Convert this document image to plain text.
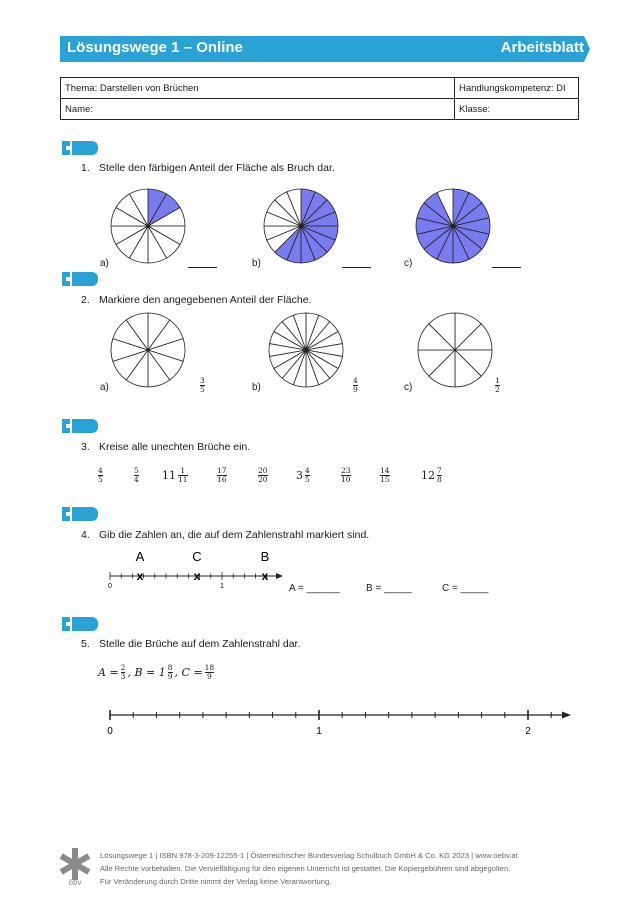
Lösungswege 1 – Online	Arbeitsblatt
Thema: Darstellen von Brüchen	Handlungskompetenz: DI
Name:	Klasse:
1. Stelle den färbigen Anteil der Fläche als Bruch dar.
a)	b)	c)
2. Markiere den angegebenen Anteil der Fläche.
a)
3
5	b)
4
9	c)
1
2
3. Kreise alle unechten Brüche ein.
$\frac{4}{5}$	$\frac{5}{4} 11 \frac{1}{11}$	$\frac{17}{16}$	$\frac{20}{20}$	$3 \frac{4}{5}$	$\frac{23}{10}$	$\frac{14}{15}$	$12 \frac{7}{8}$
4. Gib die Zahlen an, die auf dem Zahlenstrahl markiert sind.
A	C	B
x	x	x
0	1	A = ______	B = _____	C = _____
5. Stelle die Brüche auf dem Zahlenstrahl dar.
$A = \frac{2}{3}$ , $B = 1 \frac{8}{9}$ , $C = \frac{18}{9}$
0	1	2
öbv
Lösungswege 1 | ISBN 978-3-209-12255-1 | Österreichischer Bundesverlag Schulbuch GmbH & Co. KG 2023 | www.oebv.at
Alle Rechte vorbehalten. Die Vervielfältigung für den eigenen Unterricht ist gestattet. Die Kopiergebühren sind abgegolten.
Für Veränderung durch Dritte nimmt der Verlag keine Verantwortung.
